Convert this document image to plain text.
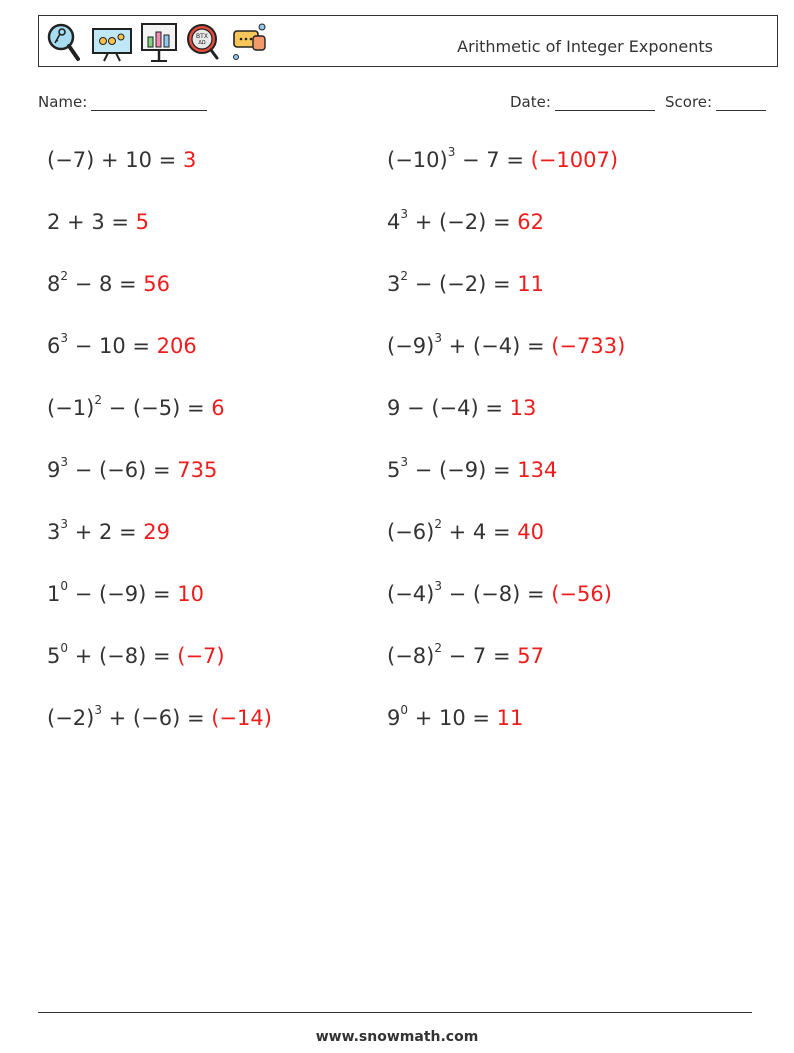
BTX
ΔΩ	Arithmetic of Integer Exponents
Name:	Date:	Score:
(−7) + 10 = 3	$(-10)^3 - 7 = (-1007)$
2 + 3 = 5	$4^3 + (-2) = 62$
$8^2 - 8 = 56$	$3^2 - (-2) = 11$
$6^3 - 10 = 206$	$(-9)^3 + (-4) = (-733)$
$(-1)^2 - (-5) = 6$	9 − (−4) = 13
$9^3 - (-6) = 735$	$5^3 - (-9) = 134$
$3^3 + 2 = 29$	$(-6)^2 + 4 = 40$
$1^0 - (-9) = 10$	$(-4)^3 - (-8) = (-56)$
$5^0 + (-8) = (-7)$	$(-8)^2 - 7 = 57$
$(-2)^3 + (-6) = (-14)$	$9^0 + 10 = 11$
www.snowmath.com
